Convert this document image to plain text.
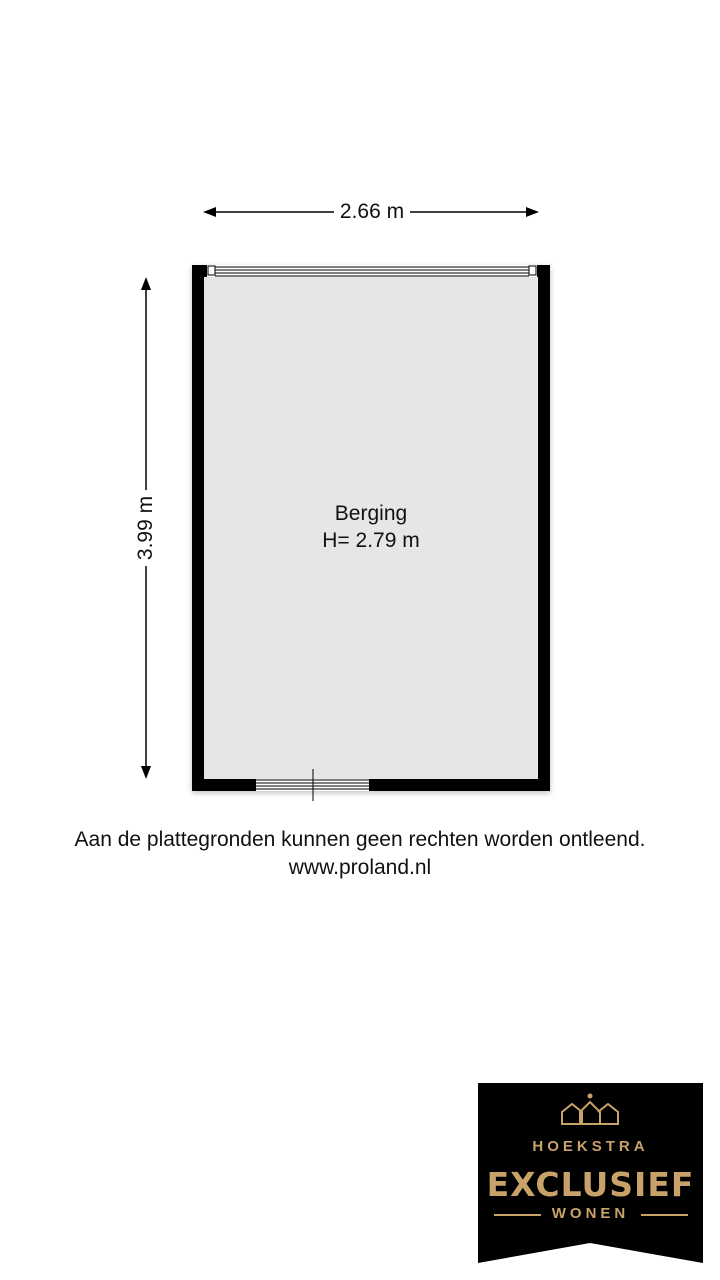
2.66 m
3.99 m	Berging
H= 2.79 m
Aan de plattegronden kunnen geen rechten worden ontleend.
www.proland.nl
HOEKSTRA
EXCLUSIEF
WONEN
